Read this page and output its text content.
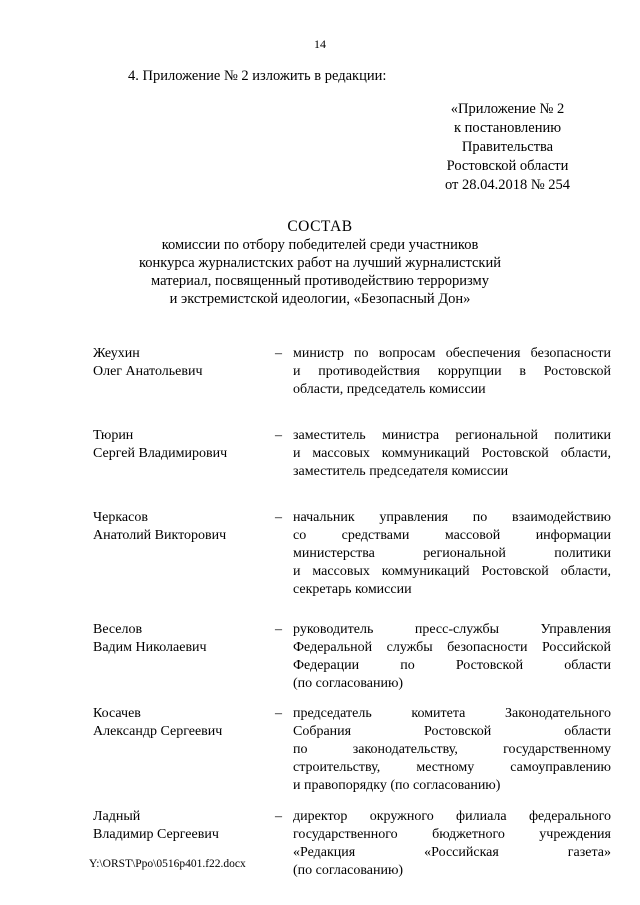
14
4. Приложение № 2 изложить в редакции:
«Приложение № 2
к постановлению
Правительства
Ростовской области
от 28.04.2018 № 254
СОСТАВ
комиссии по отбору победителей среди участников
конкурса журналистских работ на лучший журналистский
материал, посвященный противодействию терроризму
и экстремистской идеологии, «Безопасный Дон»
Жеухин
Олег Анатольевич
– министр по вопросам обеспечения безопасности
и противодействия коррупции в Ростовской
области, председатель комиссии
Тюрин
Сергей Владимирович
– заместитель министра региональной политики
и массовых коммуникаций Ростовской области,
заместитель председателя комиссии
Черкасов
Анатолий Викторович
– начальник управления по взаимодействию
со средствами массовой информации
министерства региональной политики
и массовых коммуникаций Ростовской области,
секретарь комиссии
Веселов
Вадим Николаевич
– руководитель пресс-службы Управления
Федеральной службы безопасности Российской
Федерации по Ростовской области
(по согласованию)
Косачев
Александр Сергеевич
– председатель комитета Законодательного
Собрания Ростовской области
по законодательству, государственному
строительству, местному самоуправлению
и правопорядку (по согласованию)
Ладный
Владимир Сергеевич
– директор окружного филиала федерального
государственного бюджетного учреждения
«Редакция «Российская газета»
(по согласованию)
Y:\ORST\Ppo\0516p401.f22.docx
